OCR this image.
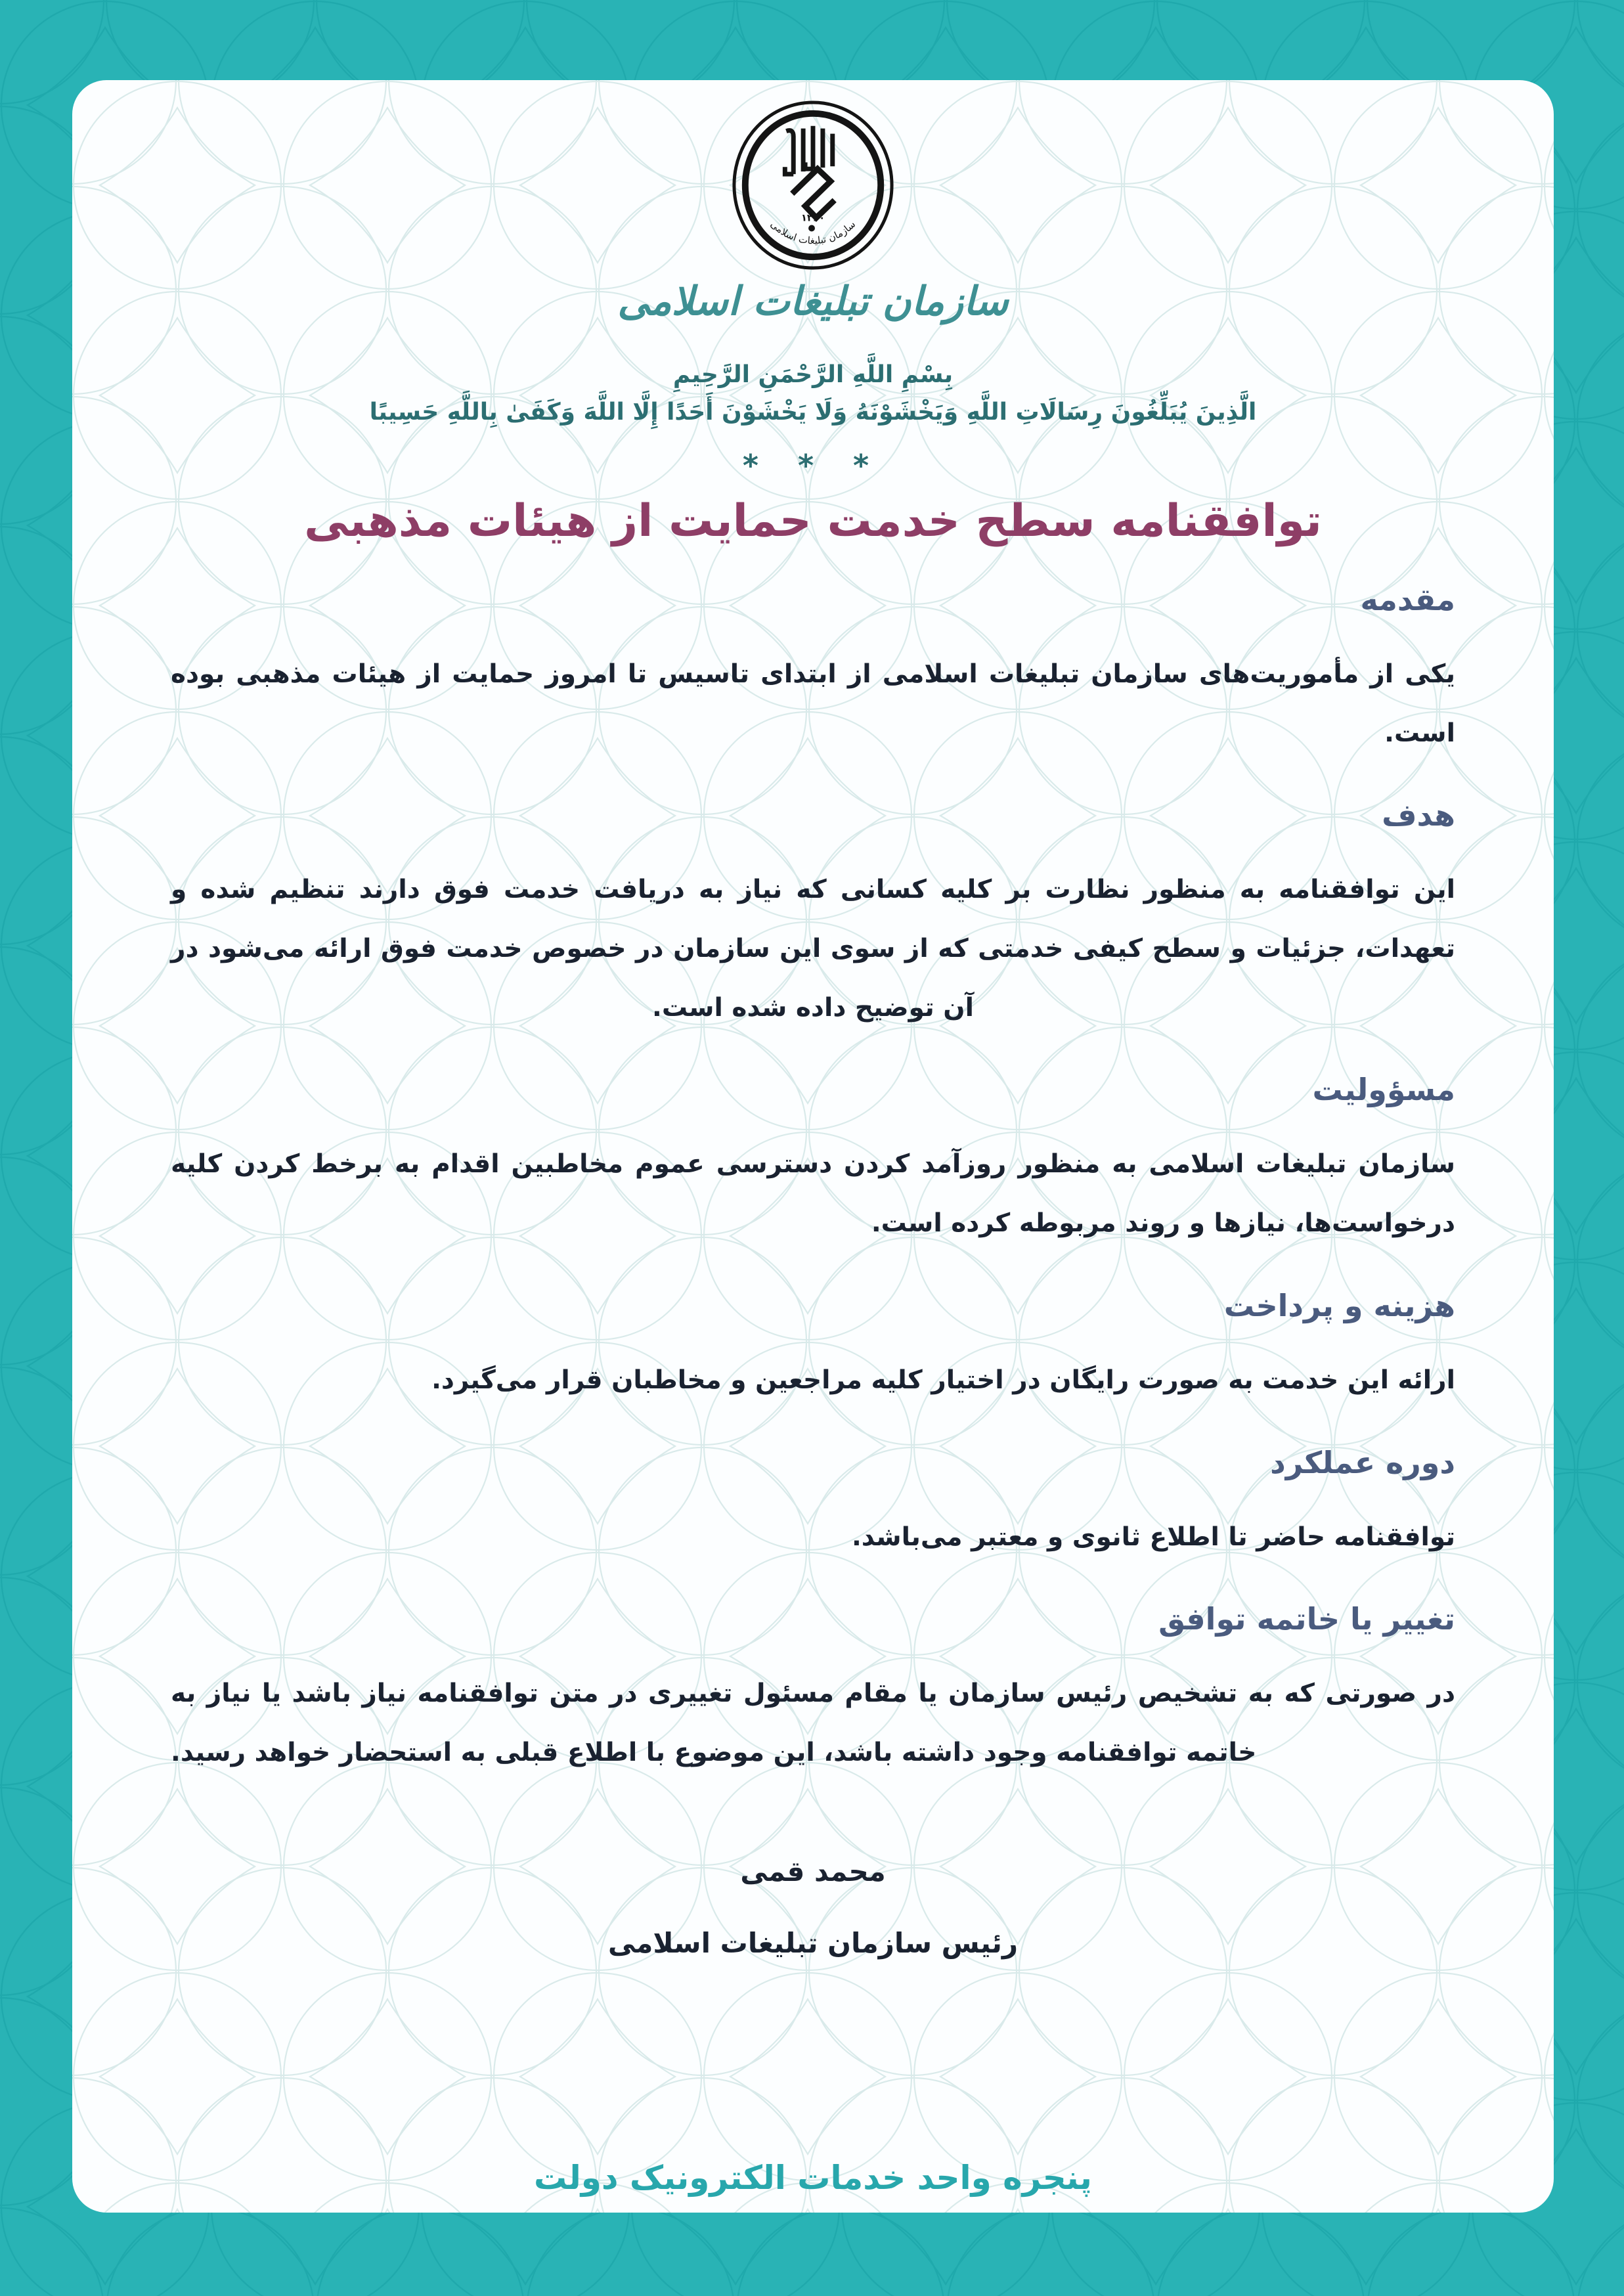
۱۳۶۰
سازمان تبلیغات اسلامی
سازمان تبلیغات اسلامی
بِسْمِ اللَّهِ الرَّحْمَنِ الرَّحِيمِ
الَّذِينَ يُبَلِّغُونَ رِسَالَاتِ اللَّهِ وَيَخْشَوْنَهُ وَلَا يَخْشَوْنَ أَحَدًا إِلَّا اللَّهَ وَكَفَىٰ بِاللَّهِ حَسِيبًا
* * *
توافقنامه سطح خدمت حمایت از هیئات مذهبی
مقدمه

یکی از مأموریت‌های سازمان تبلیغات اسلامی از ابتدای تاسیس تا امروز حمایت از هیئات مذهبی بوده است.

هدف

این توافقنامه به منظور نظارت بر کلیه کسانی که نیاز به دریافت خدمت فوق دارند تنظیم شده و تعهدات، جزئیات و سطح کیفی خدمتی که از سوی این سازمان در خصوص خدمت فوق ارائه می‌شود در آن توضیح داده شده است.

مسؤولیت

سازمان تبلیغات اسلامی به منظور روزآمد کردن دسترسی عموم مخاطبین اقدام به برخط کردن کلیه درخواست‌ها، نیازها و روند مربوطه کرده است.

هزینه و پرداخت

ارائه این خدمت به صورت رایگان در اختیار کلیه مراجعین و مخاطبان قرار می‌گیرد.

دوره عملکرد

توافقنامه حاضر تا اطلاع ثانوی و معتبر می‌باشد.

تغییر یا خاتمه توافق

در صورتی که به تشخیص رئیس سازمان یا مقام مسئول تغییری در متن توافقنامه نیاز باشد یا نیاز به خاتمه توافقنامه وجود داشته باشد، این موضوع با اطلاع قبلی به استحضار خواهد رسید.

محمد قمی
رئیس سازمان تبلیغات اسلامی
پنجره واحد خدمات الکترونیک دولت
